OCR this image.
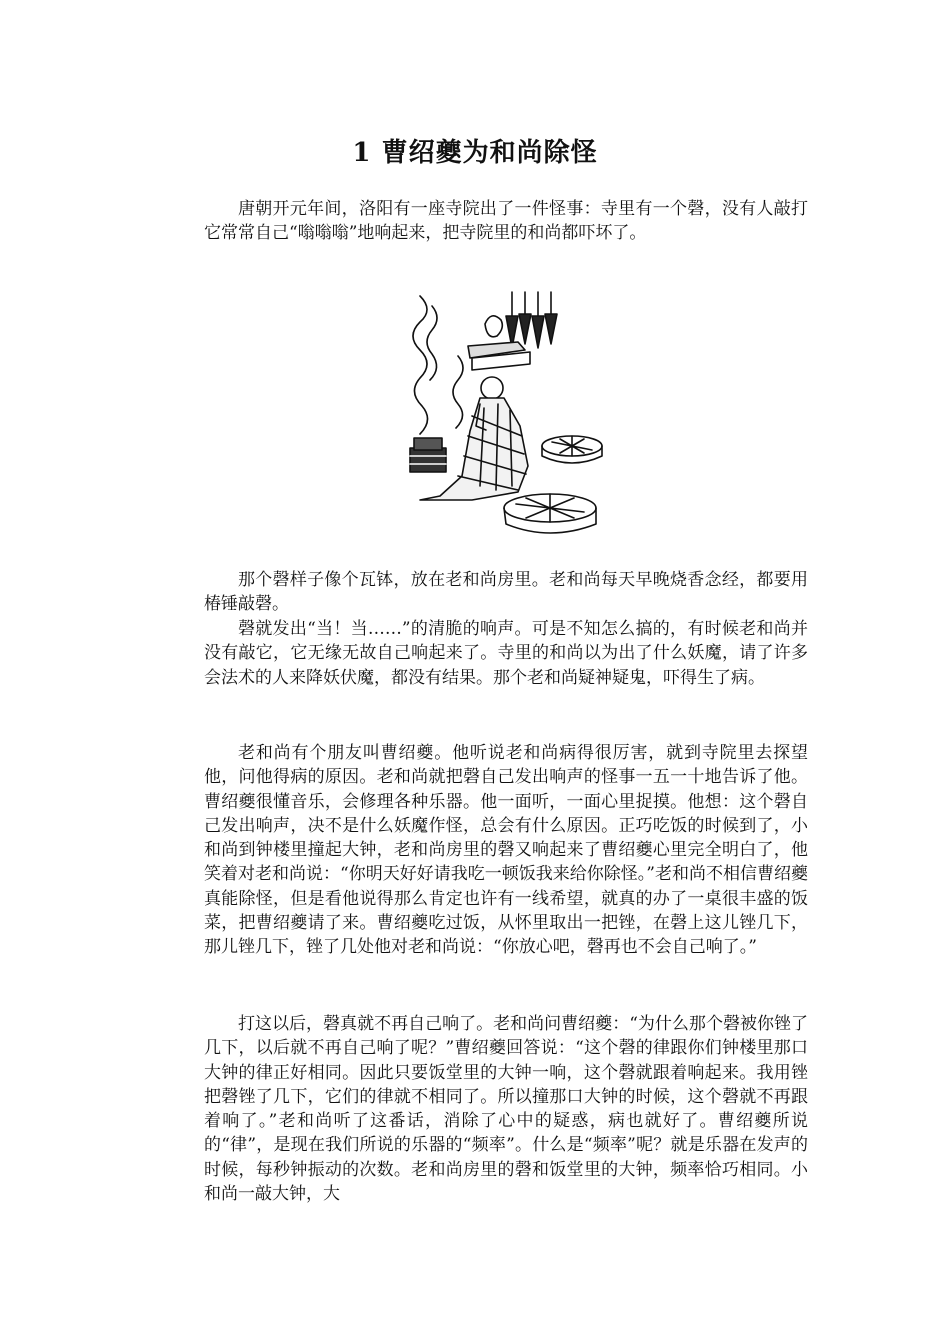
1 曹绍夔为和尚除怪

唐朝开元年间，洛阳有一座寺院出了一件怪事：寺里有一个磬，没有人敲打它常常自己“嗡嗡嗡”地响起来，把寺院里的和尚都吓坏了。

那个磬样子像个瓦钵，放在老和尚房里。老和尚每天早晚烧香念经，都要用椿锤敲磬。

磬就发出“当！当……”的清脆的响声。可是不知怎么搞的，有时候老和尚并没有敲它，它无缘无故自己响起来了。寺里的和尚以为出了什么妖魔，请了许多会法术的人来降妖伏魔，都没有结果。那个老和尚疑神疑鬼，吓得生了病。

老和尚有个朋友叫曹绍夔。他听说老和尚病得很厉害，就到寺院里去探望他，问他得病的原因。老和尚就把磬自己发出响声的怪事一五一十地告诉了他。曹绍夔很懂音乐，会修理各种乐器。他一面听，一面心里捉摸。他想：这个磬自己发出响声，决不是什么妖魔作怪，总会有什么原因。正巧吃饭的时候到了，小和尚到钟楼里撞起大钟，老和尚房里的磬又响起来了曹绍夔心里完全明白了，他笑着对老和尚说：“你明天好好请我吃一顿饭我来给你除怪。”老和尚不相信曹绍夔真能除怪，但是看他说得那么肯定也许有一线希望，就真的办了一桌很丰盛的饭菜，把曹绍夔请了来。曹绍夔吃过饭，从怀里取出一把锉，在磬上这儿锉几下，那儿锉几下，锉了几处他对老和尚说：“你放心吧，磬再也不会自己响了。”

打这以后，磬真就不再自己响了。老和尚问曹绍夔：“为什么那个磬被你锉了几下，以后就不再自己响了呢？”曹绍夔回答说：“这个磬的律跟你们钟楼里那口大钟的律正好相同。因此只要饭堂里的大钟一响，这个磬就跟着响起来。我用锉把磬锉了几下，它们的律就不相同了。所以撞那口大钟的时候，这个磬就不再跟着响了。”老和尚听了这番话，消除了心中的疑惑，病也就好了。曹绍夔所说的“律”，是现在我们所说的乐器的“频率”。什么是“频率”呢？就是乐器在发声的时候，每秒钟振动的次数。老和尚房里的磬和饭堂里的大钟，频率恰巧相同。小和尚一敲大钟，大
